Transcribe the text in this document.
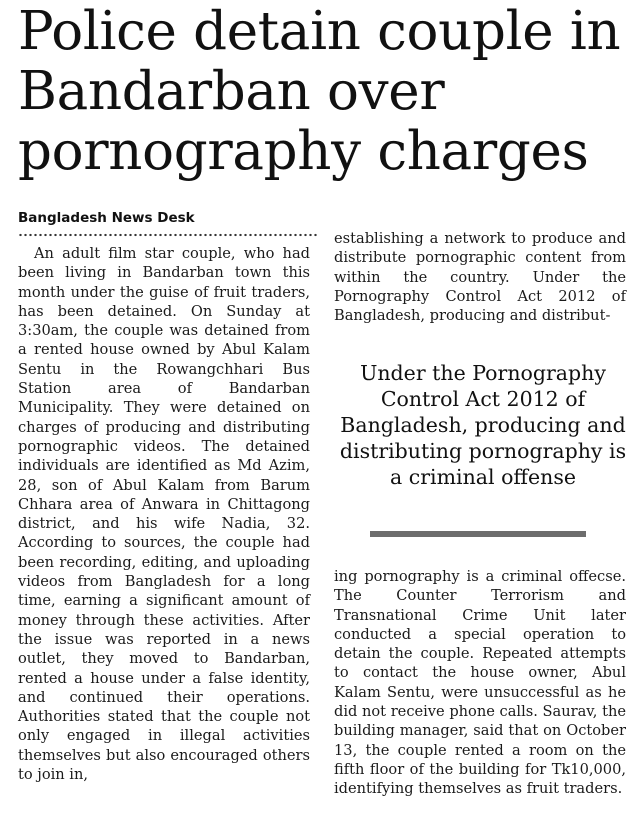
Police detain couple in Bandarban over pornography charges
Bangladesh News Desk
An adult film star couple, who had been living in Bandarban town this month under the guise of fruit traders, has been detained. On Sunday at 3:30am, the couple was detained from a rented house owned by Abul Kalam Sentu in the Rowangchhari Bus Station area of Bandarban Municipality. They were detained on charges of producing and distributing pornographic videos. The detained individuals are identified as Md Azim, 28, son of Abul Kalam from Barum Chhara area of Anwara in Chittagong district, and his wife Nadia, 32. According to sources, the couple had been recording, editing, and uploading videos from Bangladesh for a long time, earning a significant amount of money through these activities. After the issue was reported in a news outlet, they moved to Bandarban, rented a house under a false identity, and continued their operations. Authorities stated that the couple not only engaged in illegal activities themselves but also encouraged others to join in,
establishing a network to produce and distribute pornographic content from within the country. Under the Pornography Control Act 2012 of Bangladesh, producing and distribut-
Under the Pornography Control Act 2012 of Bangladesh, producing and distributing pornography is a criminal offense
ing pornography is a criminal offecse. The Counter Terrorism and Transnational Crime Unit later conducted a special operation to detain the couple. Repeated attempts to contact the house owner, Abul Kalam Sentu, were unsuccessful as he did not receive phone calls. Saurav, the building manager, said that on October 13, the couple rented a room on the fifth floor of the building for Tk10,000, identifying themselves as fruit traders.
